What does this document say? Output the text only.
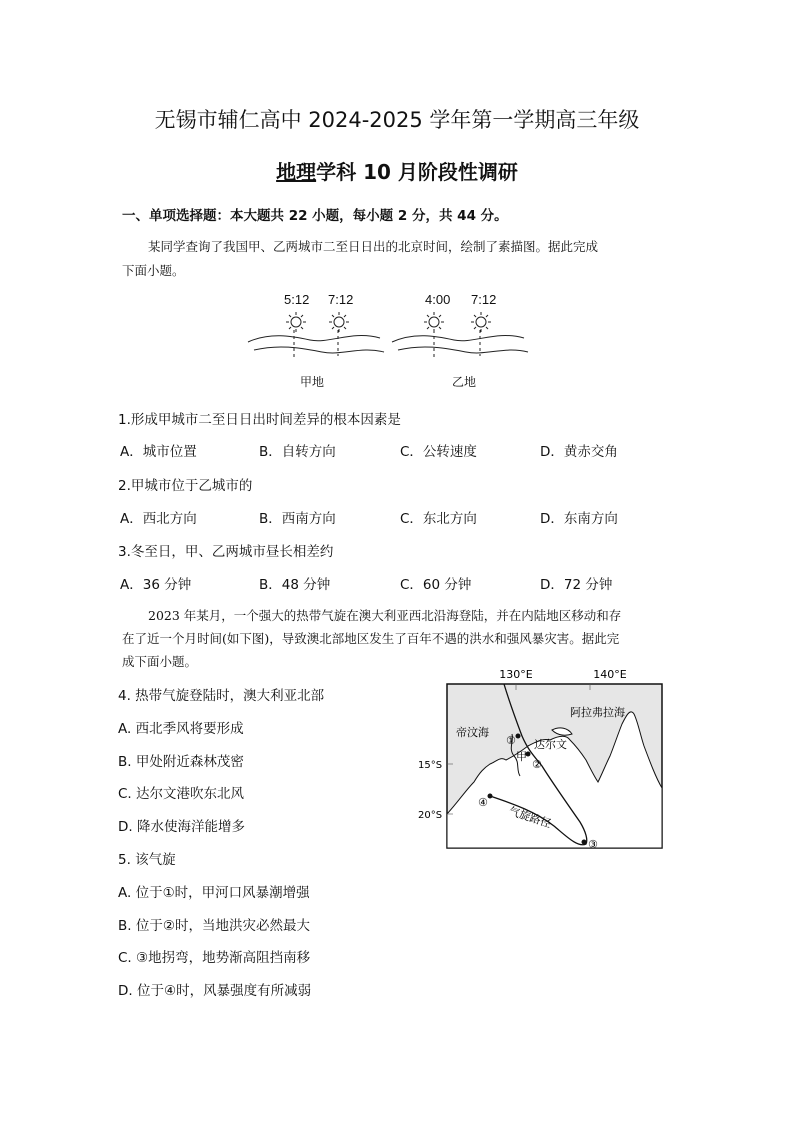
无锡市辅仁高中 2024-2025 学年第一学期高三年级
地理学科 10 月阶段性调研
一、单项选择题：本大题共 22 小题，每小题 2 分，共 44 分。
某同学查询了我国甲、乙两城市二至日日出的北京时间，绘制了素描图。据此完成
下面小题。
5:12 7:12	4:00 7:12
甲地	乙地
1.形成甲城市二至日日出时间差异的根本因素是
A．城市位置	B．自转方向	C．公转速度	D．黄赤交角
2.甲城市位于乙城市的
A．西北方向	B．西南方向	C．东北方向	D．东南方向
3.冬至日，甲、乙两城市昼长相差约
A．36 分钟	B．48 分钟	C．60 分钟	D．72 分钟
2023 年某月，一个强大的热带气旋在澳大利亚西北沿海登陆，并在内陆地区移动和存
在了近一个月时间(如下图)，导致澳北部地区发生了百年不遇的洪水和强风暴灾害。据此完
成下面小题。
4. 热带气旋登陆时，澳大利亚北部
A. 西北季风将要形成
B. 甲处附近森林茂密
C. 达尔文港吹东北风
D. 降水使海洋能增多
5. 该气旋
A. 位于①时，甲河口风暴潮增强
B. 位于②时，当地洪灾必然最大
C. ③地拐弯，地势渐高阻挡南移
D. 位于④时，风暴强度有所减弱
130°E	140°E
15°S
20°S
帝汶海
阿拉弗拉海
达尔文
甲
①
②
③
④
气旋路径
